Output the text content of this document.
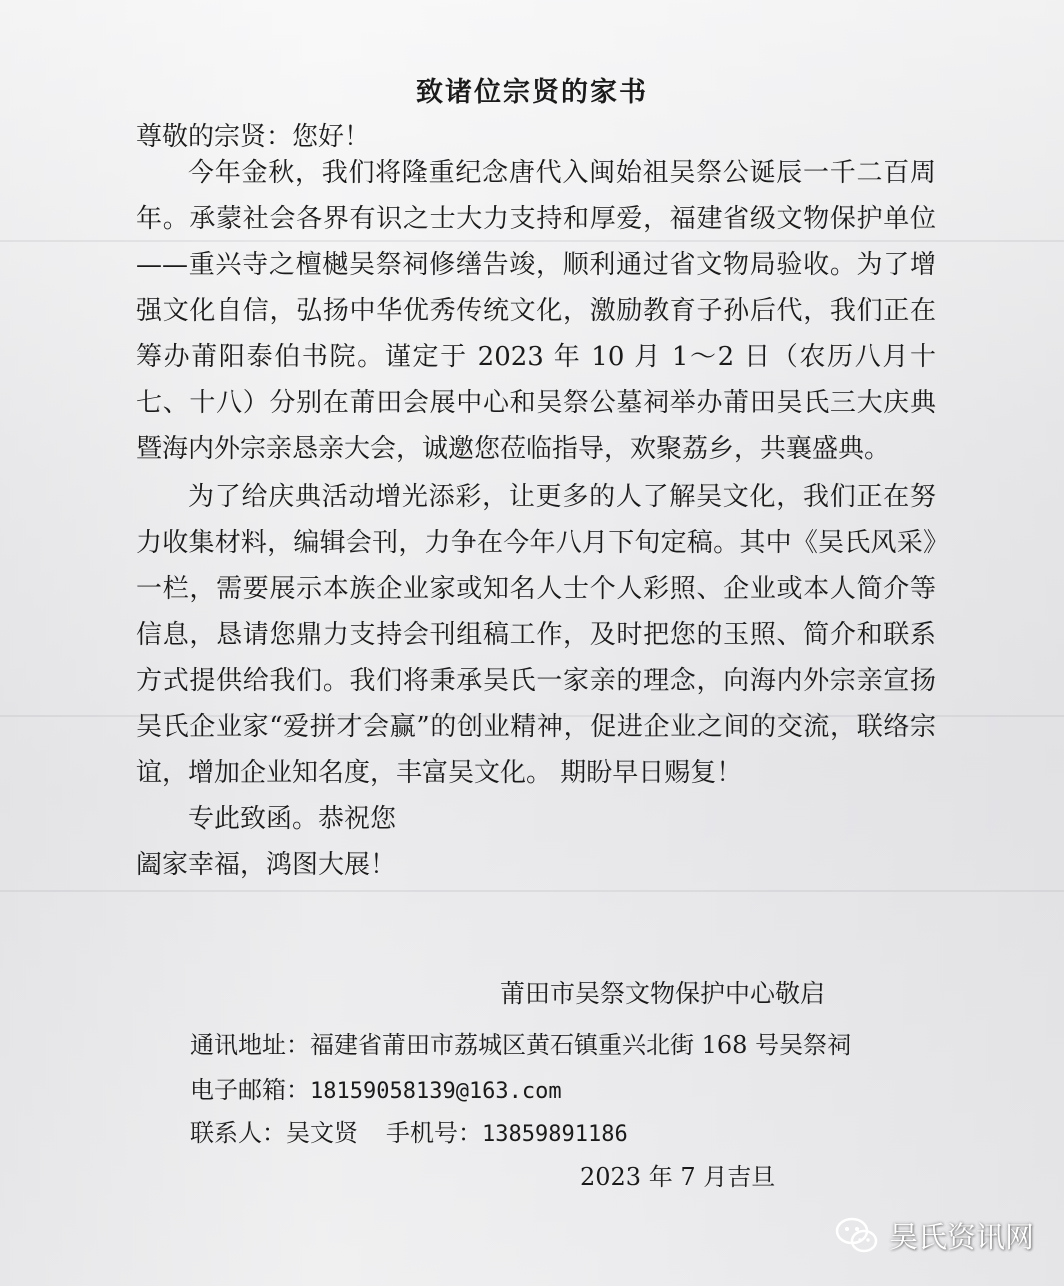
致诸位宗贤的家书
尊敬的宗贤：您好！

今年金秋，我们将隆重纪念唐代入闽始祖吴祭公诞辰一千二百周年。承蒙社会各界有识之士大力支持和厚爱，福建省级文物保护单位——重兴寺之檀樾吴祭祠修缮告竣，顺利通过省文物局验收。为了增强文化自信，弘扬中华优秀传统文化，激励教育子孙后代，我们正在筹办莆阳泰伯书院。谨定于 2023 年 10 月 1～2 日（农历八月十七、十八）分别在莆田会展中心和吴祭公墓祠举办莆田吴氏三大庆典暨海内外宗亲恳亲大会，诚邀您莅临指导，欢聚荔乡，共襄盛典。

为了给庆典活动增光添彩，让更多的人了解吴文化，我们正在努力收集材料，编辑会刊，力争在今年八月下旬定稿。其中《吴氏风采》一栏，需要展示本族企业家或知名人士个人彩照、企业或本人简介等信息，恳请您鼎力支持会刊组稿工作，及时把您的玉照、简介和联系方式提供给我们。我们将秉承吴氏一家亲的理念，向海内外宗亲宣扬吴氏企业家“爱拼才会赢”的创业精神，促进企业之间的交流，联络宗谊，增加企业知名度，丰富吴文化。 期盼早日赐复！

专此致函。恭祝您

阖家幸福，鸿图大展！
莆田市吴祭文物保护中心敬启
通讯地址：福建省莆田市荔城区黄石镇重兴北街 168 号吴祭祠
电子邮箱：18159058139@163.com
联系人：吴文贤 手机号：13859891186
2023 年 7 月吉旦
吴氏资讯网
